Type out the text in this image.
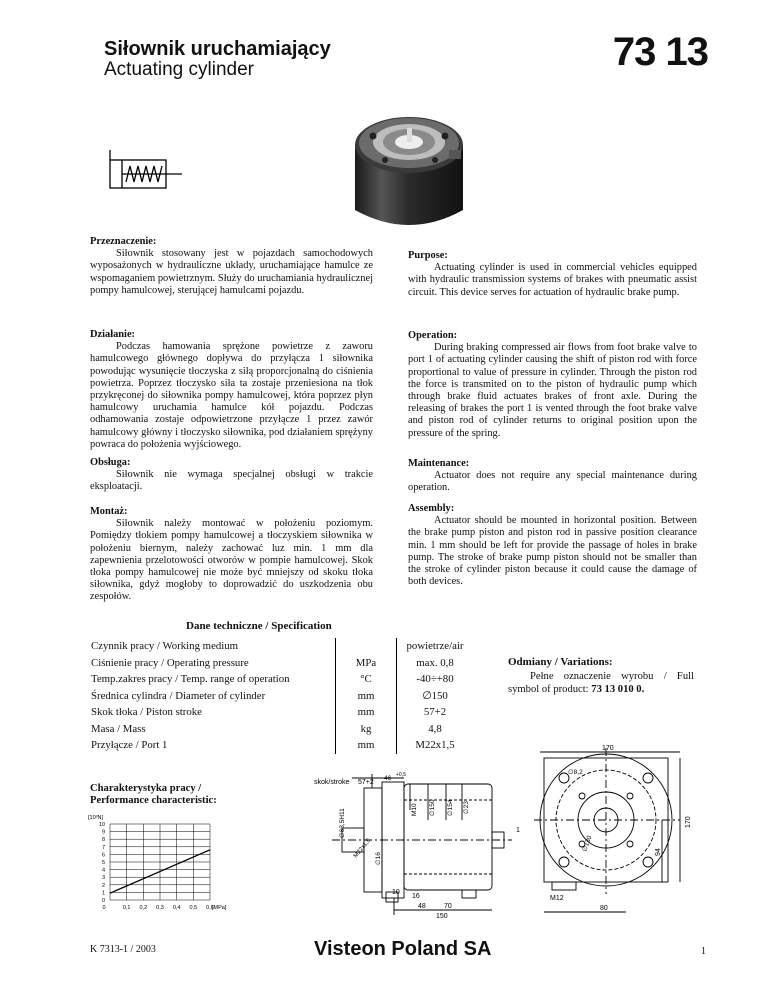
Siłownik uruchamiający
Actuating cylinder	73 13
Przeznaczenie:

Siłownik stosowany jest w pojazdach samochodowych wyposażonych w hydrauliczne układy, uruchamiające hamulce ze wspomaganiem powietrznym. Służy do uruchamiania hydraulicznej pompy hamulcowej, sterującej hamulcami pojazdu.

Działanie:

Podczas hamowania sprężone powietrze z zaworu hamulcowego głównego dopływa do przyłącza 1 siłownika powodując wysunięcie tłoczyska z siłą proporcjonalną do ciśnienia powietrza. Poprzez tłoczysko siła ta zostaje przeniesiona na tłok przykręconej do siłownika pompy hamulcowej, która poprzez płyn hamulcowy uruchamia hamulce kół pojazdu. Podczas odhamowania zostaje odpowietrzone przyłącze 1 przez zawór hamulcowy główny i tłoczysko siłownika, pod działaniem sprężyny powraca do położenia wyjściowego.

Obsługa:

Siłownik nie wymaga specjalnej obsługi w trakcie eksploatacji.

Montaż:

Siłownik należy montować w położeniu poziomym. Pomiędzy tłokiem pompy hamulcowej a tłoczyskiem siłownika w położeniu biernym, należy zachować luz min. 1 mm dla zapewnienia przelotowości otworów w pompie hamulcowej. Skok tłoka pompy hamulcowej nie może być mniejszy od skoku tłoka siłownika, gdyż mogłoby to doprowadzić do uszkodzenia obu zespołów.

Purpose:

Actuating cylinder is used in commercial vehicles equipped with hydraulic transmission systems of brakes with pneumatic assist circuit. This device serves for actuation of hydraulic brake pump.

Operation:

During braking compressed air flows from foot brake valve to port 1 of actuating cylinder causing the shift of piston rod with force proportional to value of pressure in cylinder. Through the piston rod the force is transmited on to the piston of hydraulic pump which through brake fluid actuates brakes of front axle. During the releasing of brakes the port 1 is vented through the foot brake valve and piston rod of cylinder returns to original position upon the pressure of the spring.

Maintenance:

Actuator does not require any special maintenance during operation.

Assembly:

Actuator should be mounted in horizontal position. Between the brake pump piston and piston rod in passive position clearance min. 1 mm should be left for provide the passage of holes in brake pump. The stroke of brake pump piston should not be smaller than the stroke of cylinder piston because it could cause the damage of both devices.

Dane techniczne / Specification
Czynnik pracy / Working medium		powietrze/air
Ciśnienie pracy / Operating pressure	MPa	max. 0,8
Temp.zakres pracy / Temp. range of operation	°C	-40÷+80
Średnica cylindra / Diameter of cylinder	mm	∅150
Skok tłoka / Piston stroke	mm	57+2
Masa / Mass	kg	4,8
Przyłącze / Port 1	mm	M22x1,5
Odmiany / Variations:
Pełne oznaczenie wyrobu / Full symbol of product: 73 13 010 0.
Charakterystyka pracy /
Performance characteristic:
0
1
2
3
4
5
6
7
8
9
10
0	0,1 0,2 0,3 0,4 0,5 0,6
[10³N]
[MPa]
skok/stroke 57+2
46 +0,5
M10 ∅150 ∅154 ∅23
∅63,5H11
M22x1,5 ∅16
1
10
16
48	70
150
170
∅8,2
∅130
170
94
M12
80
K 7313-1 / 2003	Visteon Poland SA	1
